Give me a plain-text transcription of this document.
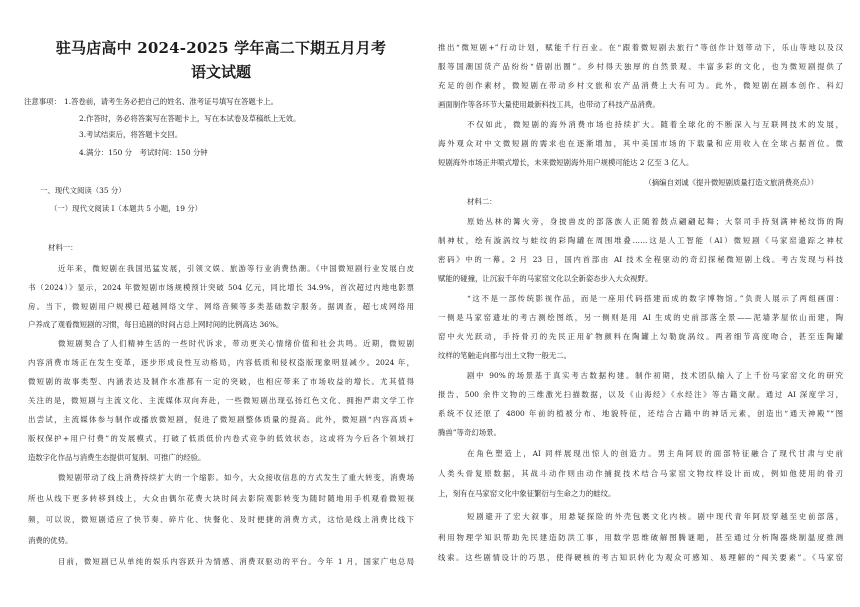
驻马店高中 2024-2025 学年高二下期五月月考
语文试题
注意事项： 1.答卷前，请考生务必把自己的姓名、准考证号填写在答题卡上。
2.作答时，务必将答案写在答题卡上，写在本试卷及草稿纸上无效。
3.考试结束后，将答题卡交回。
4.满分：150 分　考试时间：150 分钟
一、现代文阅读（35 分）
（一）现代文阅读 I（本题共 5 小题，19 分）
材料一：
近年来，微短剧在我国迅猛发展，引领文娱、旅游等行业消费热潮。《中国微短剧行业发展白皮
书（2024）》显示，2024 年微短剧市场规模预计突破 504 亿元，同比增长 34.9%，首次超过内地电影票
房。当下，微短剧用户规模已超越网络文学、网络音频等多类基础数字服务。据调查，超七成网络用
户养成了观看微短剧的习惯，每日追剧的时间占总上网时间的比例高达 36%。
微短剧契合了人们精神生活的一些时代诉求，带动更关心情绪价值和社会共鸣。近期，微短剧
内容消费市场正在发生变革，逐步形成良性互动格局，内容低质和侵权盗版现象明显减少。2024 年，
微短剧的故事类型、内涵表达及制作水准都有一定的突破，也相应带来了市场收益的增长。尤其值得
关注的是，微短剧与主流文化、主流媒体双向奔赴，一些微短剧出现弘扬红色文化、拥抱严肃文学工作
出尝试，主流媒体参与制作或播放微短剧，促进了微短剧整体质量的提高。此外，微短剧“内容高质+
版权保护+用户付费”的发展模式，打破了低质低价内卷式竞争的低效状态，这或将为今后各个领域打
造数字化作品与消费生态提供可复制、可推广的经验。
微短剧带动了线上消费持续扩大的一个缩影。如今，大众接收信息的方式发生了重大转变，消费场
所也从线下更多转移到线上，大众由偶尔花费大块时间去影院观影转变为随时随地用手机观看微短视
频，可以说，微短剧适应了快节奏、碎片化、快餐化、及时便捷的消费方式，这恰是线上消费比线下
消费的优势。
目前，微短剧已从单纯的娱乐内容跃升为情感、消费双驱动的平台。今年 1 月，国家广电总局
推出“微短剧+”行动计划，赋能千行百业。在“跟着微短剧去旅行”等创作计划带动下，乐山等地以及汉
服等国潮国货产品纷纷“借剧出圈”。乡村得天独厚的自然景观、丰富多彩的文化，也为微短剧提供了
充足的创作素材，微短剧在带动乡村文旅和农产品消费上大有可为。此外，微短剧在剧本创作、科幻
画面制作等各环节大量使用最新科技工具，也带动了科技产品消费。
不仅如此，微短剧的海外消费市场也持续扩大。随着全球化的不断深入与互联网技术的发展，
海外观众对中文微短剧的需求也在逐渐增加，其中美国市场的下载量和应用收入在全球占据首位。微
短剧海外市场正井喷式增长，未来微短剧海外用户规模可能达 2 亿至 3 亿人。
（摘编自刘诚《提升微短剧质量打造文旅消费亮点》）
材料二：
原始丛林的篝火旁，身披兽皮的部落族人正随着鼓点翩翩起舞；大祭司手持刻满神秘纹饰的陶
制神杖，绘有漩涡纹与蛙纹的彩陶罐在周围堆叠……这是人工智能（AI）微短剧《马家窑遗踪之神杖
密码》中的一幕。2 月 23 日，国内首部由 AI 技术全程驱动的奇幻探秘微短剧上线。考古发现与科技
赋能的碰撞，让沉寂千年的马家窑文化以全新姿态步入大众视野。
“这不是一部传统影视作品，而是一座用代码搭建而成的数字博物馆。”负责人展示了两组画面：
一侧是马家窑遗址的考古测绘图纸，另一侧则是用 AI 生成的史前部落全景——泥墙茅屋依山而建，陶
窑中火光跃动，手持骨刃的先民正用矿物颜料在陶罐上勾勒旋涡纹。两者细节高度吻合，甚至连陶罐
纹样的笔触走向都与出土文物一般无二。
剧中 90%的场景基于真实考古数据构建。制作初期，技术团队输入了上千份马家窑文化的研究
报告、500 余件文物的三维激光扫描数据，以及《山海经》《水经注》等古籍文献。通过 AI 深度学习，
系统不仅还原了 4800 年前的植被分布、地貌特征，还结合古籍中的神话元素，创造出“通天神殿”“图
腾兽”等奇幻场景。
在角色塑造上，AI 同样展现出惊人的创造力。男主角阿辰的面部特征融合了现代甘肃与史前
人类头骨复原数据，其战斗动作则由动作捕捉技术结合马家窑文物纹样设计而成，例如他使用的骨刃
上，刻有在马家窑文化中象征繁衍与生命之力的蛙纹。
短剧避开了宏大叙事，用悬疑探险的外壳包裹文化内核。剧中现代青年阿辰穿越至史前部落，
利用物理学知识帮助先民建造防洪工事，用数学思维破解图腾谜题，甚至通过分析陶器烧制温度推测
线索。这些剧情设计的巧思，使得硬核的考古知识转化为观众可感知、易理解的“闯关要素”。《马家窑
